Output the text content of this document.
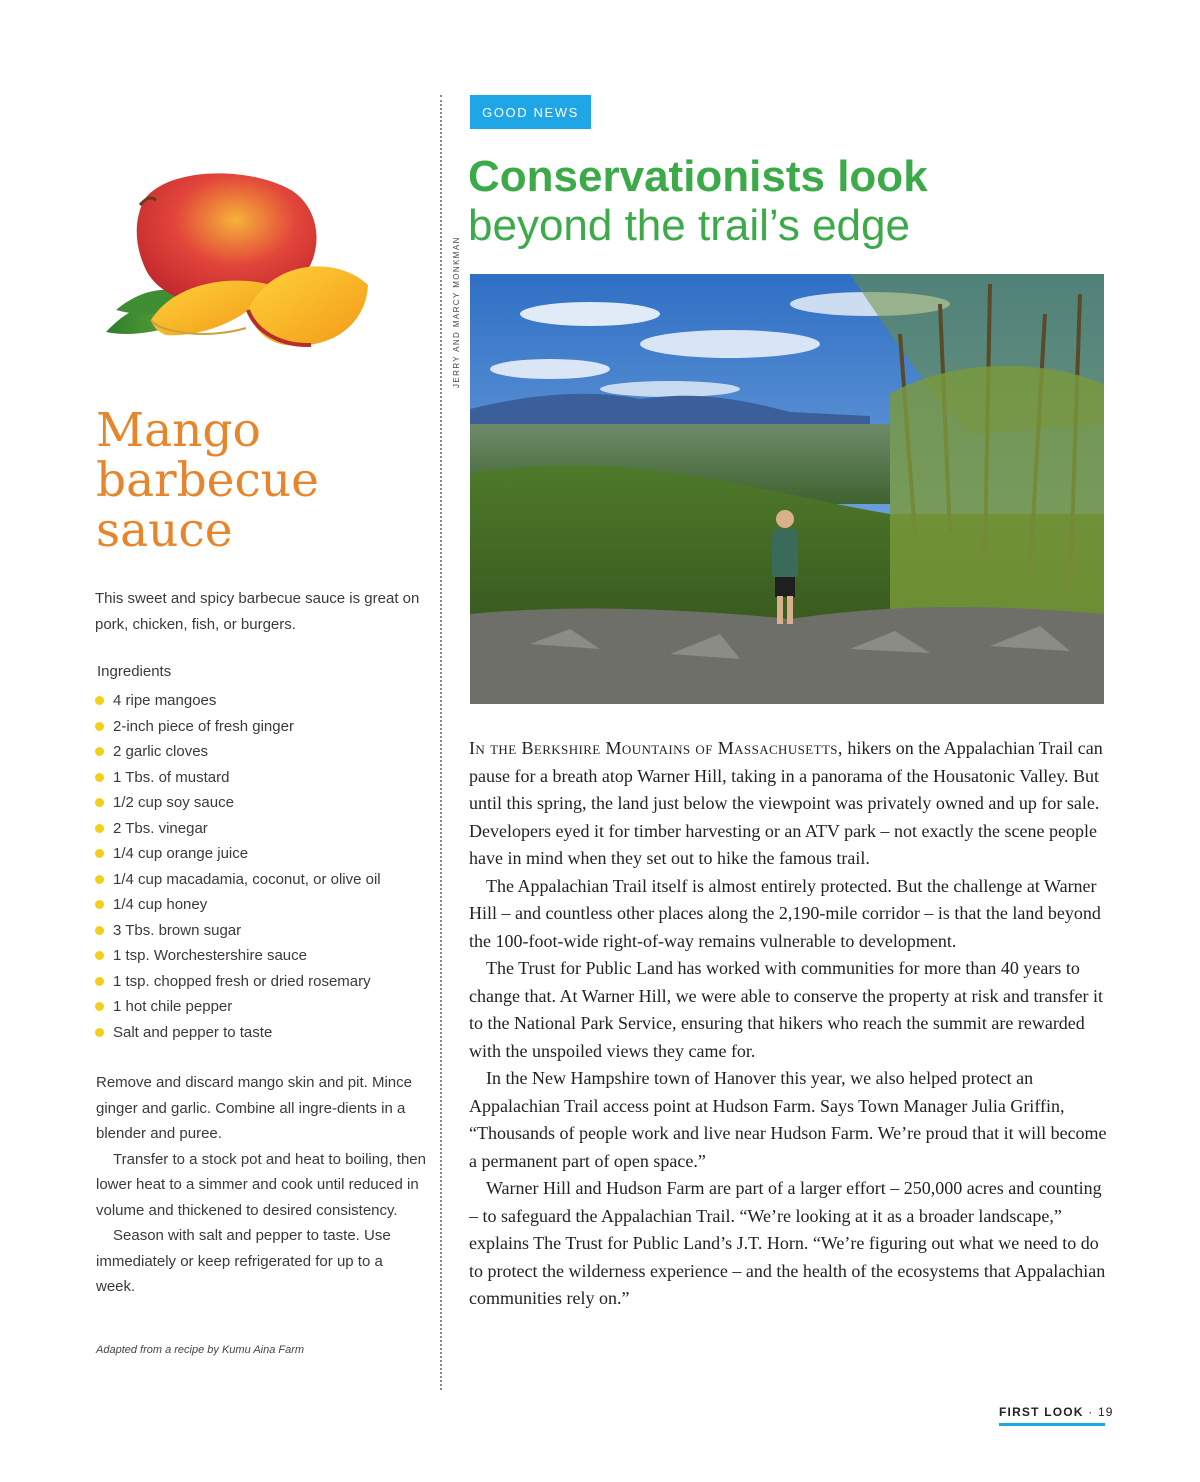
Mango
barbecue
sauce

This sweet and spicy barbecue sauce is great on pork, chicken, fish, or burgers.

Ingredients
4 ripe mangoes
2-inch piece of fresh ginger
2 garlic cloves
1 Tbs. of mustard
1/2 cup soy sauce
2 Tbs. vinegar
1/4 cup orange juice
1/4 cup macadamia, coconut, or olive oil
1/4 cup honey
3 Tbs. brown sugar
1 tsp. Worchestershire sauce
1 tsp. chopped fresh or dried rosemary
1 hot chile pepper
Salt and pepper to taste

Remove and discard mango skin and pit. Mince ginger and garlic. Combine all ingre-dients in a blender and puree.

Transfer to a stock pot and heat to boiling, then lower heat to a simmer and cook until reduced in volume and thickened to desired consistency.

Season with salt and pepper to taste. Use immediately or keep refrigerated for up to a week.

Adapted from a recipe by Kumu Aina Farm
GOOD NEWS
Conservationists look
beyond the trail’s edge
JERRY AND MARCY MONKMAN

In the Berkshire Mountains of Massachusetts, hikers on the Appalachian Trail can pause for a breath atop Warner Hill, taking in a panorama of the Housatonic Valley. But until this spring, the land just below the viewpoint was privately owned and up for sale. Developers eyed it for timber harvesting or an ATV park – not exactly the scene people have in mind when they set out to hike the famous trail.

The Appalachian Trail itself is almost entirely protected. But the challenge at Warner Hill – and countless other places along the 2,190-mile corridor – is that the land beyond the 100-foot-wide right-of-way remains vulnerable to development.

The Trust for Public Land has worked with communities for more than 40 years to change that. At Warner Hill, we were able to conserve the property at risk and transfer it to the National Park Service, ensuring that hikers who reach the summit are rewarded with the unspoiled views they came for.

In the New Hampshire town of Hanover this year, we also helped protect an Appalachian Trail access point at Hudson Farm. Says Town Manager Julia Griffin, “Thousands of people work and live near Hudson Farm. We’re proud that it will become a permanent part of open space.”

Warner Hill and Hudson Farm are part of a larger effort – 250,000 acres and counting – to safeguard the Appalachian Trail. “We’re looking at it as a broader landscape,” explains The Trust for Public Land’s J.T. Horn. “We’re figuring out what we need to do to protect the wilderness experience – and the health of the ecosystems that Appalachian communities rely on.”

FIRST LOOK · 19
